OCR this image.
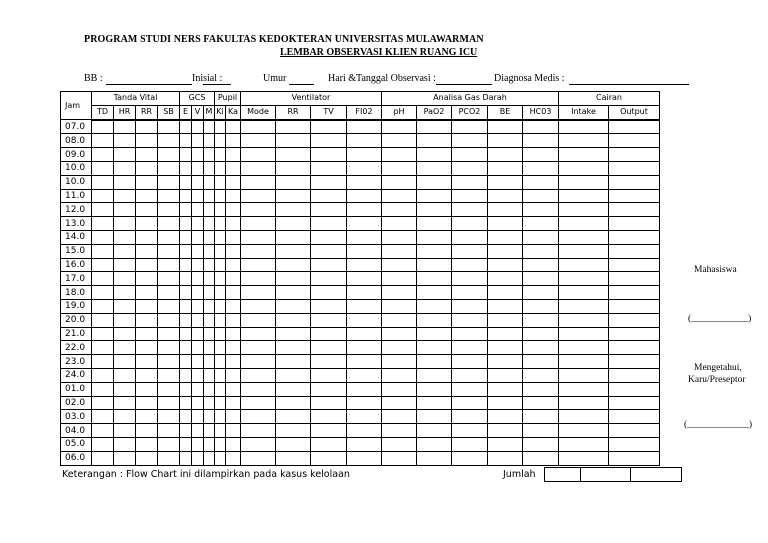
PROGRAM STUDI NERS FAKULTAS KEDOKTERAN UNIVERSITAS MULAWARMAN
LEMBAR OBSERVASI KLIEN RUANG ICU
BB :	Inisial :	Umur	Hari &Tanggal Observasi :	Diagnosa Medis :
Jam	Tanda Vital				GCS			Pupil		Ventilator				Analisa Gas Darah					Cairan	
	TD	HR	RR	SB	E	V	M	Ki	Ka	Mode	RR	TV	FI02	pH	PaO2	PCO2	BE	HC03	Intake	Output
07.0																				
08.0																				
09.0																				
10.0																				
10.0																				
11.0																				
12.0																				
13.0																				
14.0																				
15.0																				
16.0																				
17.0																				
18.0																				
19.0																				
20.0																				
21.0																				
22.0																				
23.0																				
24.0																				
01.0																				
02.0																				
03.0																				
04.0																				
05.0																				
06.0																				
Keterangan : Flow Chart ini dilampirkan pada kasus kelolaan	Jumlah
Mahasiswa
(____________)
Mengetahui,
Karu/Preseptor
(_____________)
